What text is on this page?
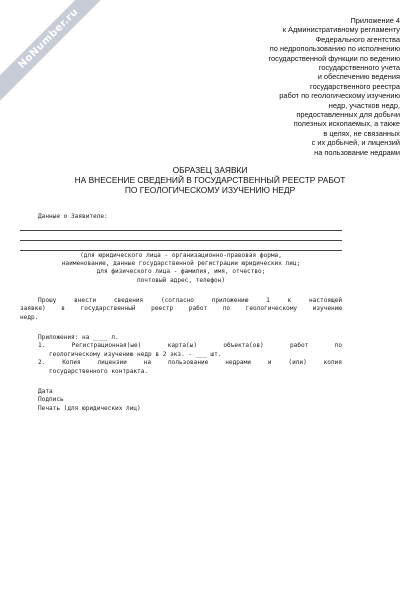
NoNumber.ru	Приложение 4
к Административному регламенту
Федерального агентства
по недропользованию по исполнению
государственной функции по ведению
государственного учета
и обеспечению ведения
государственного реестра
работ по геологическому изучению
недр, участков недр,
предоставленных для добычи
полезных ископаемых, а также
в целях, не связанных
с их добычей, и лицензий
на пользование недрами
ОБРАЗЕЦ ЗАЯВКИ
НА ВНЕСЕНИЕ СВЕДЕНИЙ В ГОСУДАРСТВЕННЫЙ РЕЕСТР РАБОТ
ПО ГЕОЛОГИЧЕСКОМУ ИЗУЧЕНИЮ НЕДР
Данные о Заявителе:
(для юридического лица - организационно-правовая форма,
наименование, данные государственной регистрации юридических лиц;
для физического лица - фамилия, имя, отчество;
почтовый адрес, телефон)
Прошу внести сведения (согласно приложению 1 к настоящей
заявке) в государственный реестр работ по геологическому изучению
недр.
Приложения: на ____ л.
1. Регистрационная(ые) карта(ы) объекта(ов) работ по
геологическому изучению недр в 2 экз. - ___ шт.
2. Копия лицензии на пользование недрами и (или) копия
государственного контракта.
Дата
Подпись
Печать (для юридических лиц)
